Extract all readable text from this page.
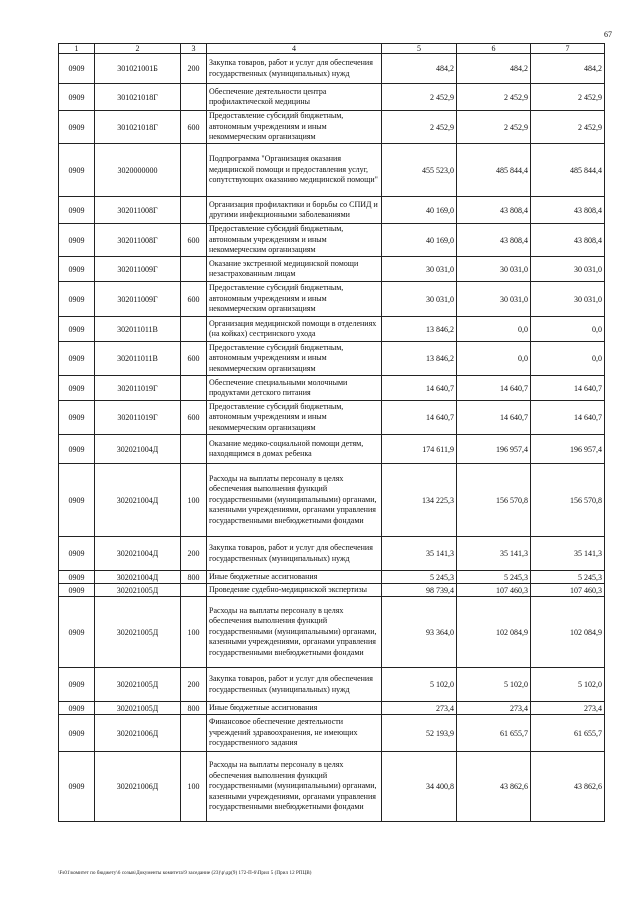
67
1	2	3	4	5	6	7
0909	301021001Б	200	Закупка товаров, работ и услуг для обеспечения государственных (муниципальных) нужд	484,2	484,2	484,2
0909	301021018Г		Обеспечение деятельности центра профилактической медицины	2 452,9	2 452,9	2 452,9
0909	301021018Г	600	Предоставление субсидий бюджетным, автономным учреждениям и иным некоммерческим организациям	2 452,9	2 452,9	2 452,9
0909	3020000000		Подпрограмма "Организация оказания медицинской помощи и предоставления услуг, сопутствующих оказанию медицинской помощи"	455 523,0	485 844,4	485 844,4
0909	302011008Г		Организация профилактики и борьбы со СПИД и другими инфекционными заболеваниями	40 169,0	43 808,4	43 808,4
0909	302011008Г	600	Предоставление субсидий бюджетным, автономным учреждениям и иным некоммерческим организациям	40 169,0	43 808,4	43 808,4
0909	302011009Г		Оказание экстренной медицинской помощи незастрахованным лицам	30 031,0	30 031,0	30 031,0
0909	302011009Г	600	Предоставление субсидий бюджетным, автономным учреждениям и иным некоммерческим организациям	30 031,0	30 031,0	30 031,0
0909	302011011В		Организация медицинской помощи в отделениях (на койках) сестринского ухода	13 846,2	0,0	0,0
0909	302011011В	600	Предоставление субсидий бюджетным, автономным учреждениям и иным некоммерческим организациям	13 846,2	0,0	0,0
0909	302011019Г		Обеспечение специальными молочными продуктами детского питания	14 640,7	14 640,7	14 640,7
0909	302011019Г	600	Предоставление субсидий бюджетным, автономным учреждениям и иным некоммерческим организациям	14 640,7	14 640,7	14 640,7
0909	302021004Д		Оказание медико-социальной помощи детям, находящимся в домах ребенка	174 611,9	196 957,4	196 957,4
0909	302021004Д	100	Расходы на выплаты персоналу в целях обеспечения выполнения функций государственными (муниципальными) органами, казенными учреждениями, органами управления государственными внебюджетными фондами	134 225,3	156 570,8	156 570,8
0909	302021004Д	200	Закупка товаров, работ и услуг для обеспечения государственных (муниципальных) нужд	35 141,3	35 141,3	35 141,3
0909	302021004Д	800	Иные бюджетные ассигнования	5 245,3	5 245,3	5 245,3
0909	302021005Д		Проведение судебно-медицинской экспертизы	98 739,4	107 460,3	107 460,3
0909	302021005Д	100	Расходы на выплаты персоналу в целях обеспечения выполнения функций государственными (муниципальными) органами, казенными учреждениями, органами управления государственными внебюджетными фондами	93 364,0	102 084,9	102 084,9
0909	302021005Д	200	Закупка товаров, работ и услуг для обеспечения государственных (муниципальных) нужд	5 102,0	5 102,0	5 102,0
0909	302021005Д	800	Иные бюджетные ассигнования	273,4	273,4	273,4
0909	302021006Д		Финансовое обеспечение деятельности учреждений здравоохранения, не имеющих государственного задания	52 193,9	61 655,7	61 655,7
0909	302021006Д	100	Расходы на выплаты персоналу в целях обеспечения выполнения функций государственными (муниципальными) органами, казенными учреждениями, органами управления государственными внебюджетными фондами	34 400,8	43 862,6	43 862,6
\Fs01\комитет по бюджету\6 созыв\Документы комитета\9 заседание (23)\р\др(9) 172-П-6\Прил 5 (Прил 12 РПЦВ)
